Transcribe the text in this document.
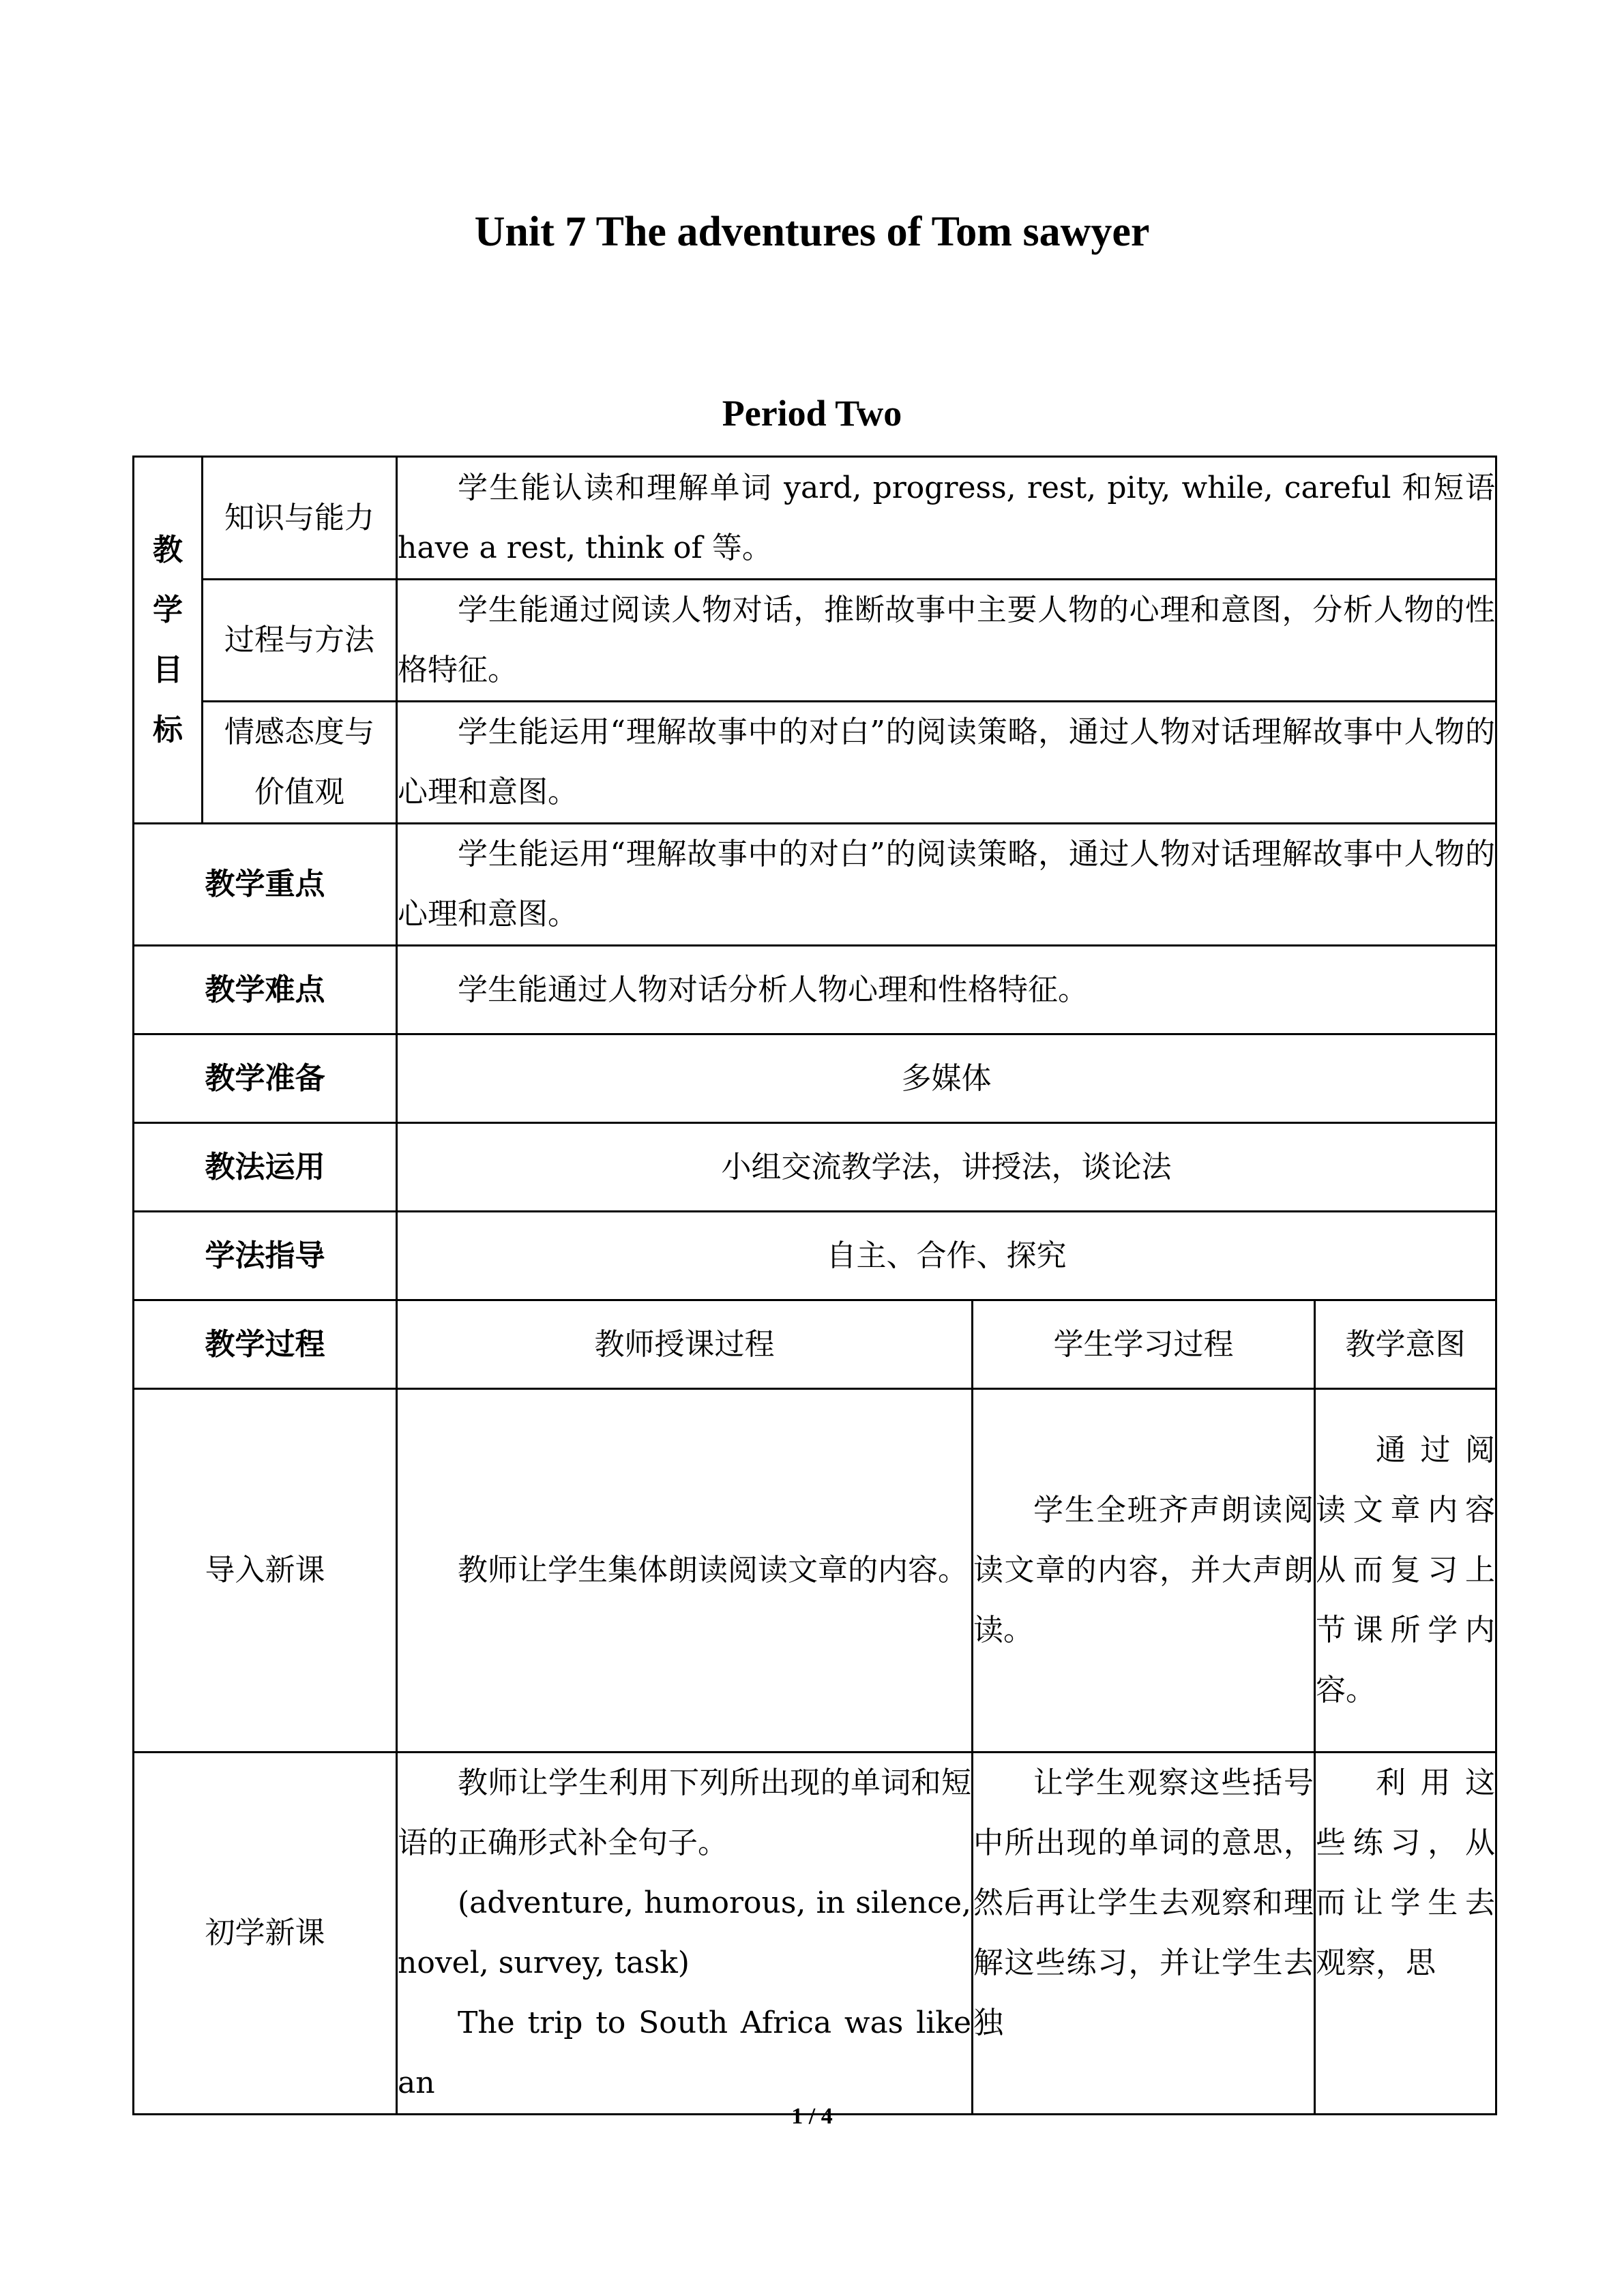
Unit 7 The adventures of Tom sawyer
Period Two
教
学
目
标	知识与能力	学生能认读和理解单词 yard, progress, rest, pity, while, careful 和短语 have a rest, think of 等。		

	过程与方法	学生能通过阅读人物对话，推断故事中主要人物的心理和意图，分析人物的性格特征。		

	情感态度与
价值观	学生能运用“理解故事中的对白”的阅读策略，通过人物对话理解故事中人物的心理和意图。		

教学重点		学生能运用“理解故事中的对白”的阅读策略，通过人物对话理解故事中人物的心理和意图。		

教学难点		学生能通过人物对话分析人物心理和性格特征。		

教学准备		多媒体		
教法运用		小组交流教学法，讲授法，谈论法		
学法指导		自主、合作、探究		
教学过程		教师授课过程	学生学习过程	教学意图
导入新课		教师让学生集体朗读阅读文章的内容。	学生全班齐声朗读阅读文章的内容，并大声朗读。	通过阅读文章内容从而复习上节课所学内容。

初学新课		教师让学生利用下列所出现的单词和短语的正确形式补全句子。

(adventure, humorous, in silence, novel, survey, task)

The trip to South Africa was like an	让学生观察这些括号中所出现的单词的意思，然后再让学生去观察和理解这些练习，并让学生去独	利用这些练习，从而让学生去观察，思

1 / 4
